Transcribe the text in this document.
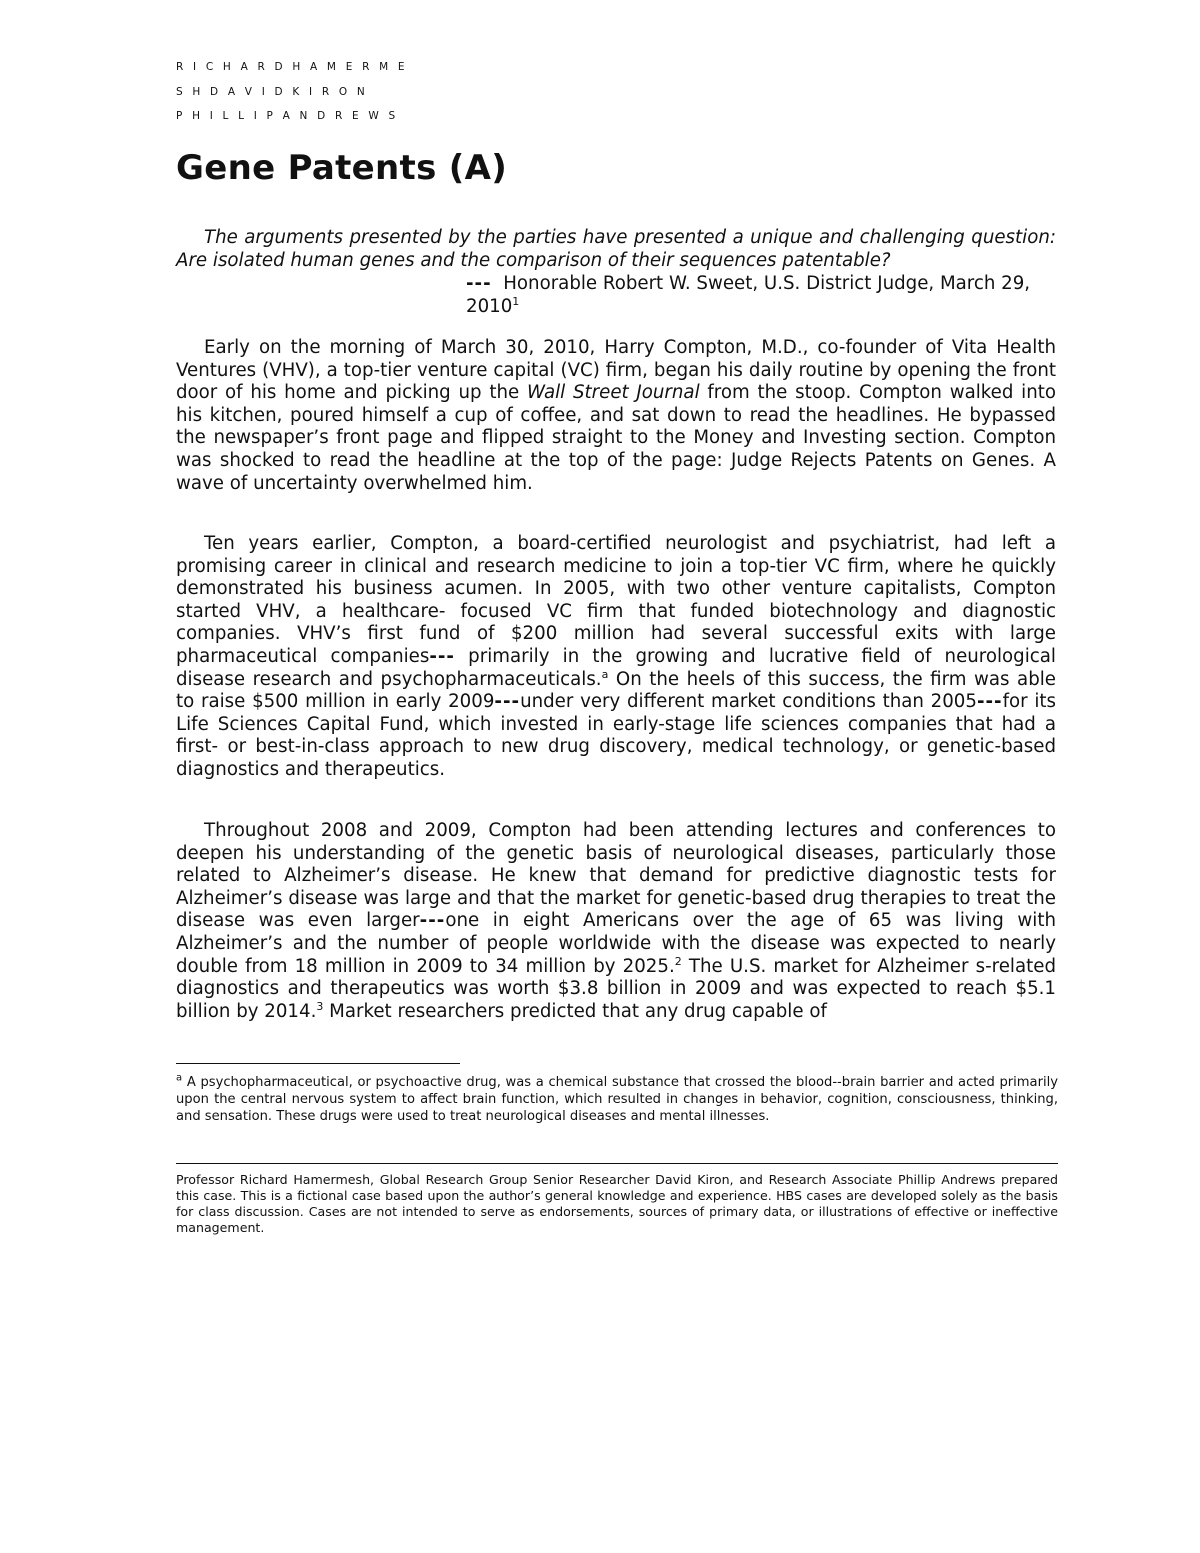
R I C H A R D H A M E R M E
S H D A V I D K I R O N
P H I L L I P A N D R E W S
Gene Patents (A)

The arguments presented by the parties have presented a unique and challenging question: Are isolated human genes and the comparison of their sequences patentable?

--- Honorable Robert W. Sweet, U.S. District Judge, March 29, 2010$^1$

Early on the morning of March 30, 2010, Harry Compton, M.D., co-founder of Vita Health Ventures (VHV), a top-tier venture capital (VC) firm, began his daily routine by opening the front door of his home and picking up the Wall Street Journal from the stoop. Compton walked into his kitchen, poured himself a cup of coffee, and sat down to read the headlines. He bypassed the newspaper’s front page and flipped straight to the Money and Investing section. Compton was shocked to read the headline at the top of the page: Judge Rejects Patents on Genes. A wave of uncertainty overwhelmed him.

Ten years earlier, Compton, a board-certified neurologist and psychiatrist, had left a promising career in clinical and research medicine to join a top-tier VC firm, where he quickly demonstrated his business acumen. In 2005, with two other venture capitalists, Compton started VHV, a healthcare- focused VC firm that funded biotechnology and diagnostic companies. VHV’s first fund of $200 million had several successful exits with large pharmaceutical companies--- primarily in the growing and lucrative field of neurological disease research and psychopharmaceuticals.$^a$ On the heels of this success, the firm was able to raise $500 million in early 2009---under very different market conditions than 2005---for its Life Sciences Capital Fund, which invested in early-stage life sciences companies that had a first- or best-in-class approach to new drug discovery, medical technology, or genetic-based diagnostics and therapeutics.

Throughout 2008 and 2009, Compton had been attending lectures and conferences to deepen his understanding of the genetic basis of neurological diseases, particularly those related to Alzheimer’s disease. He knew that demand for predictive diagnostic tests for Alzheimer’s disease was large and that the market for genetic-based drug therapies to treat the disease was even larger---one in eight Americans over the age of 65 was living with Alzheimer’s and the number of people worldwide with the disease was expected to nearly double from 18 million in 2009 to 34 million by 2025.$^2$ The U.S. market for Alzheimer s-related diagnostics and therapeutics was worth $3.8 billion in 2009 and was expected to reach $5.1 billion by 2014.$^3$ Market researchers predicted that any drug capable of

$^a$ A psychopharmaceutical, or psychoactive drug, was a chemical substance that crossed the blood--brain barrier and acted primarily upon the central nervous system to affect brain function, which resulted in changes in behavior, cognition, consciousness, thinking, and sensation. These drugs were used to treat neurological diseases and mental illnesses.

Professor Richard Hamermesh, Global Research Group Senior Researcher David Kiron, and Research Associate Phillip Andrews prepared this case. This is a fictional case based upon the author’s general knowledge and experience. HBS cases are developed solely as the basis for class discussion. Cases are not intended to serve as endorsements, sources of primary data, or illustrations of effective or ineffective management.
